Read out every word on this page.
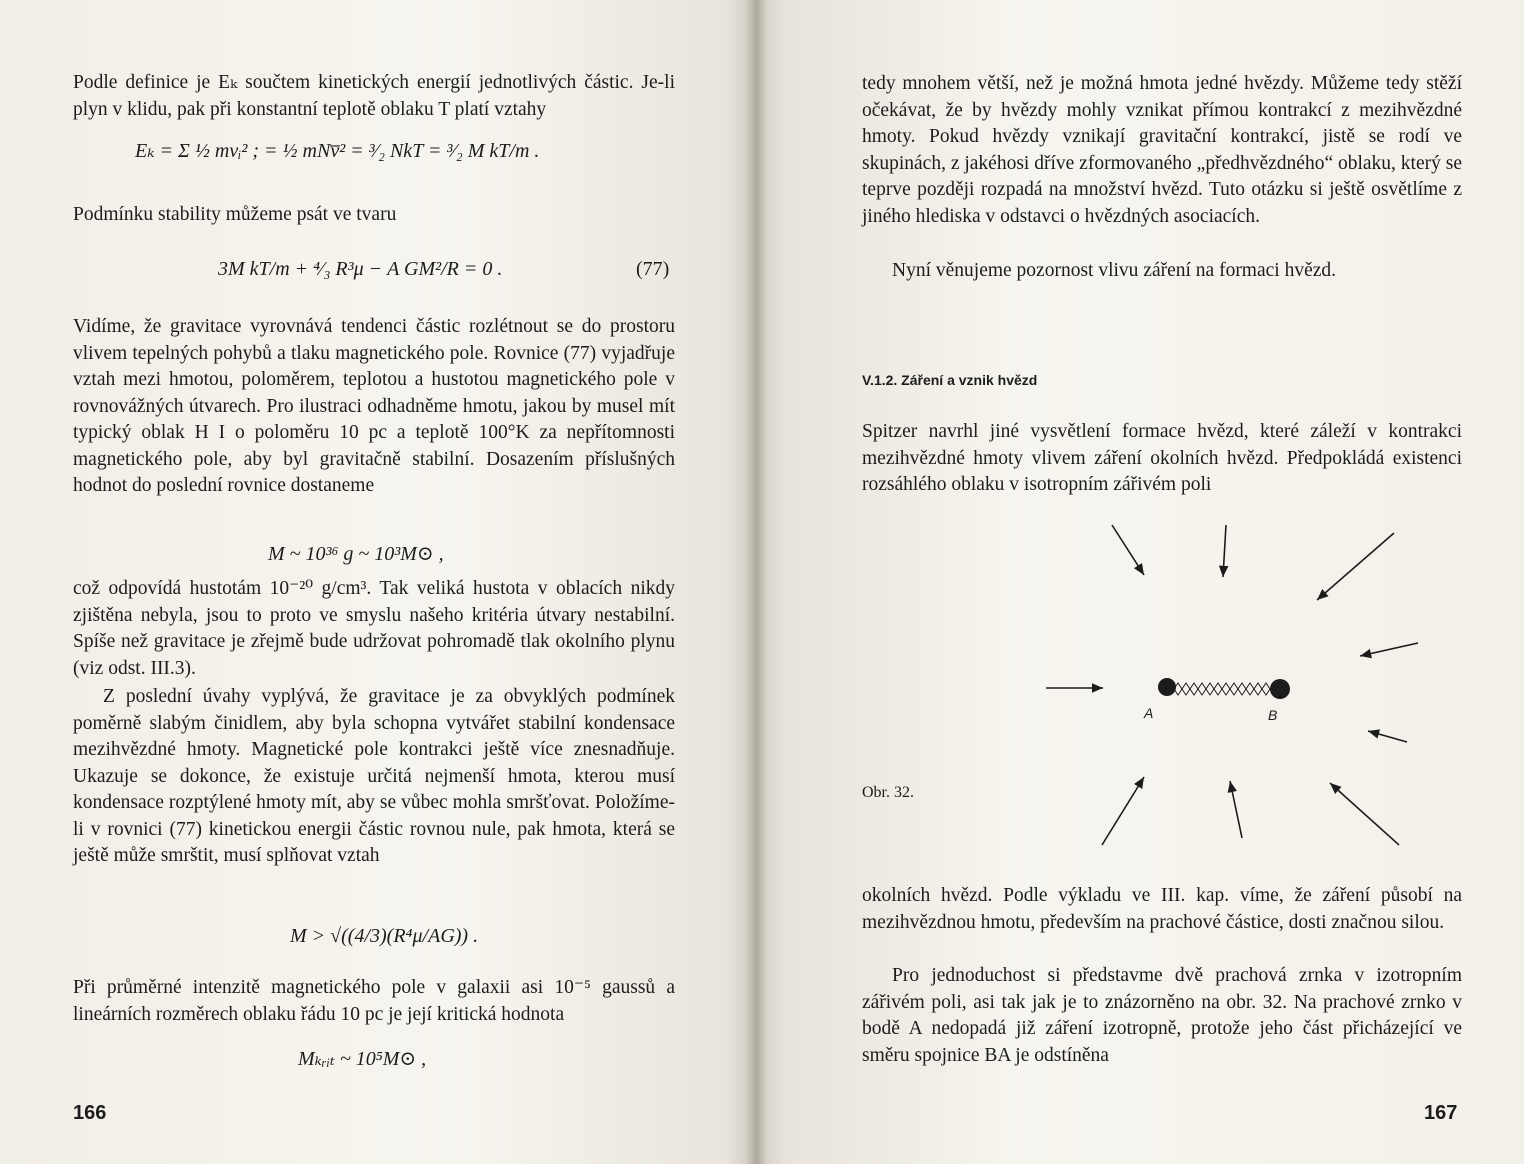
Podle definice je Eₖ součtem kinetických energií jednotlivých částic. Je-li plyn v klidu, pak při konstantní teplotě oblaku T platí vztahy

Eₖ = Σ ½ mvᵢ² ; = ½ mNv̅² = ³⁄₂ NkT = ³⁄₂ M kT/m .

Podmínku stability můžeme psát ve tvaru

3M kT/m + ⁴⁄₃ R³μ − A GM²/R = 0 .	(77)

Vidíme, že gravitace vyrovnává tendenci částic rozlétnout se do prostoru vlivem tepelných pohybů a tlaku magnetického pole. Rovnice (77) vyjadřuje vztah mezi hmotou, poloměrem, teplotou a hustotou magnetického pole v rovnovážných útvarech. Pro ilustraci odhadněme hmotu, jakou by musel mít typický oblak H I o poloměru 10 pc a teplotě 100°K za nepřítomnosti magnetického pole, aby byl gravitačně stabilní. Dosazením příslušných hodnot do poslední rovnice dostaneme

M ~ 10³⁶ g ~ 10³M⊙ ,

což odpovídá hustotám 10⁻²⁰ g/cm³. Tak veliká hustota v oblacích nikdy zjištěna nebyla, jsou to proto ve smyslu našeho kritéria útvary nestabilní. Spíše než gravitace je zřejmě bude udržovat pohromadě tlak okolního plynu (viz odst. III.3).

Z poslední úvahy vyplývá, že gravitace je za obvyklých podmínek poměrně slabým činidlem, aby byla schopna vytvářet stabilní kondensace mezihvězdné hmoty. Magnetické pole kontrakci ještě více znesnadňuje. Ukazuje se dokonce, že existuje určitá nejmenší hmota, kterou musí kondensace rozptýlené hmoty mít, aby se vůbec mohla smršťovat. Položíme-li v rovnici (77) kinetickou energii částic rovnou nule, pak hmota, která se ještě může smrštit, musí splňovat vztah

M > √((4/3)(R⁴μ/AG)) .

Při průměrné intenzitě magnetického pole v galaxii asi 10⁻⁵ gaussů a lineárních rozměrech oblaku řádu 10 pc je její kritická hodnota

Mₖᵣᵢₜ ~ 10⁵M⊙ ,
166

tedy mnohem větší, než je možná hmota jedné hvězdy. Můžeme tedy stěží očekávat, že by hvězdy mohly vznikat přímou kontrakcí z mezihvězdné hmoty. Pokud hvězdy vznikají gravitační kontrakcí, jistě se rodí ve skupinách, z jakéhosi dříve zformovaného „předhvězdného“ oblaku, který se teprve později rozpadá na množství hvězd. Tuto otázku si ještě osvětlíme z jiného hlediska v odstavci o hvězdných asociacích.

Nyní věnujeme pozornost vlivu záření na formaci hvězd.

V.1.2. Záření a vznik hvězd

Spitzer navrhl jiné vysvětlení formace hvězd, které záleží v kontrakci mezihvězdné hmoty vlivem záření okolních hvězd. Předpokládá existenci rozsáhlého oblaku v isotropním zářivém poli

A	B
Obr. 32.

okolních hvězd. Podle výkladu ve III. kap. víme, že záření působí na mezihvězdnou hmotu, především na prachové částice, dosti značnou silou.

Pro jednoduchost si představme dvě prachová zrnka v izotropním zářivém poli, asi tak jak je to znázorněno na obr. 32. Na prachové zrnko v bodě A nedopadá již záření izotropně, protože jeho část přicházející ve směru spojnice BA je odstíněna

167
